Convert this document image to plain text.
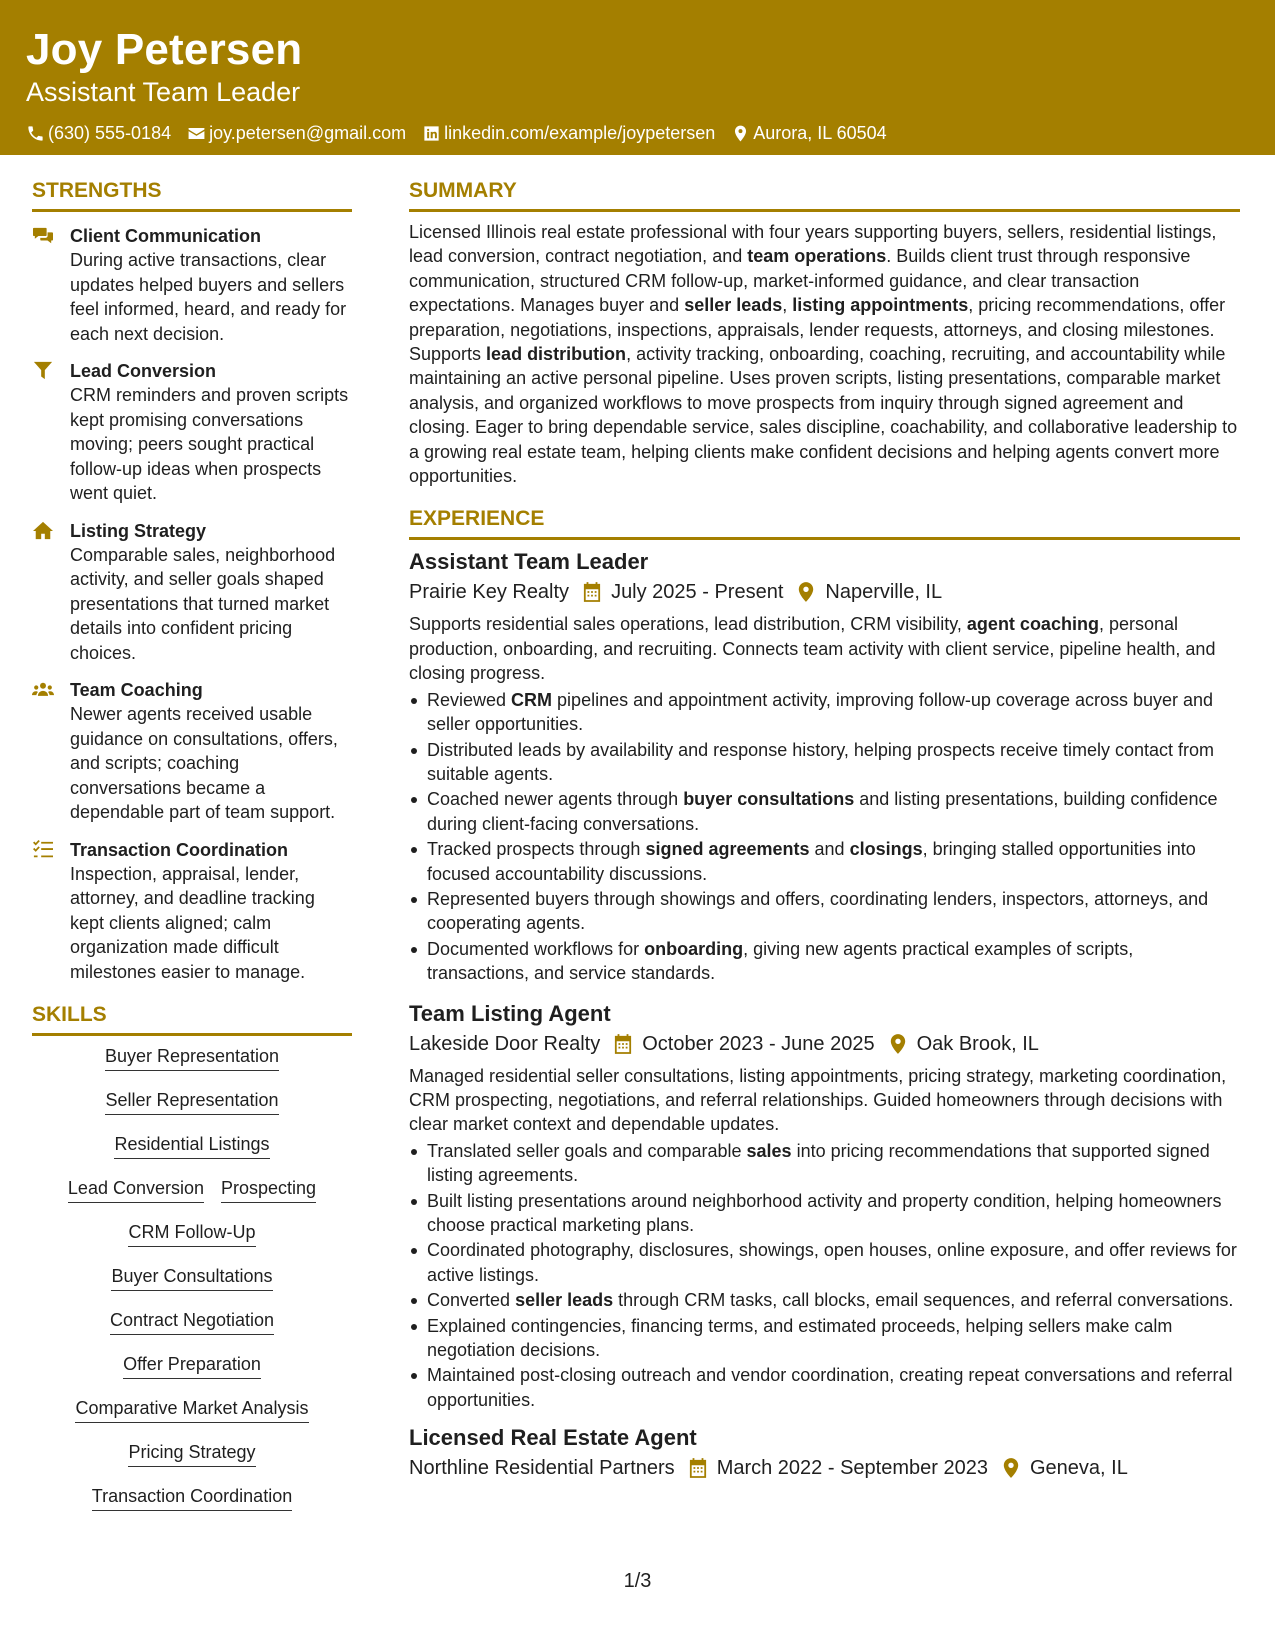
Joy Petersen
Assistant Team Leader
(630) 555-0184 joy.petersen@gmail.com linkedin.com/example/joypetersen Aurora, IL 60504
STRENGTHS
Client Communication
During active transactions, clear updates helped buyers and sellers feel informed, heard, and ready for each next decision.
Lead Conversion
CRM reminders and proven scripts kept promising conversations moving; peers sought practical follow-up ideas when prospects went quiet.
Listing Strategy
Comparable sales, neighborhood activity, and seller goals shaped presentations that turned market details into confident pricing choices.
Team Coaching
Newer agents received usable guidance on consultations, offers, and scripts; coaching conversations became a dependable part of team support.
Transaction Coordination
Inspection, appraisal, lender, attorney, and deadline tracking kept clients aligned; calm organization made difficult milestones easier to manage.
SKILLS
Buyer Representation
Seller Representation
Residential Listings
Lead Conversion Prospecting
CRM Follow-Up
Buyer Consultations
Contract Negotiation
Offer Preparation
Comparative Market Analysis
Pricing Strategy
Transaction Coordination
SUMMARY

Licensed Illinois real estate professional with four years supporting buyers, sellers, residential listings, lead conversion, contract negotiation, and team operations. Builds client trust through responsive communication, structured CRM follow-up, market-informed guidance, and clear transaction expectations. Manages buyer and seller leads, listing appointments, pricing recommendations, offer preparation, negotiations, inspections, appraisals, lender requests, attorneys, and closing milestones. Supports lead distribution, activity tracking, onboarding, coaching, recruiting, and accountability while maintaining an active personal pipeline. Uses proven scripts, listing presentations, comparable market analysis, and organized workflows to move prospects from inquiry through signed agreement and closing. Eager to bring dependable service, sales discipline, coachability, and collaborative leadership to a growing real estate team, helping clients make confident decisions and helping agents convert more opportunities.

EXPERIENCE
Assistant Team Leader
Prairie Key Realty July 2025 - Present Naperville, IL

Supports residential sales operations, lead distribution, CRM visibility, agent coaching, personal production, onboarding, and recruiting. Connects team activity with client service, pipeline health, and closing progress.

Reviewed CRM pipelines and appointment activity, improving follow-up coverage across buyer and seller opportunities.
Distributed leads by availability and response history, helping prospects receive timely contact from suitable agents.
Coached newer agents through buyer consultations and listing presentations, building confidence during client-facing conversations.
Tracked prospects through signed agreements and closings, bringing stalled opportunities into focused accountability discussions.
Represented buyers through showings and offers, coordinating lenders, inspectors, attorneys, and cooperating agents.
Documented workflows for onboarding, giving new agents practical examples of scripts, transactions, and service standards.
Team Listing Agent
Lakeside Door Realty October 2023 - June 2025 Oak Brook, IL

Managed residential seller consultations, listing appointments, pricing strategy, marketing coordination, CRM prospecting, negotiations, and referral relationships. Guided homeowners through decisions with clear market context and dependable updates.

Translated seller goals and comparable sales into pricing recommendations that supported signed listing agreements.
Built listing presentations around neighborhood activity and property condition, helping homeowners choose practical marketing plans.
Coordinated photography, disclosures, showings, open houses, online exposure, and offer reviews for active listings.
Converted seller leads through CRM tasks, call blocks, email sequences, and referral conversations.
Explained contingencies, financing terms, and estimated proceeds, helping sellers make calm negotiation decisions.
Maintained post-closing outreach and vendor coordination, creating repeat conversations and referral opportunities.
Licensed Real Estate Agent
Northline Residential Partners March 2022 - September 2023 Geneva, IL
1/3
